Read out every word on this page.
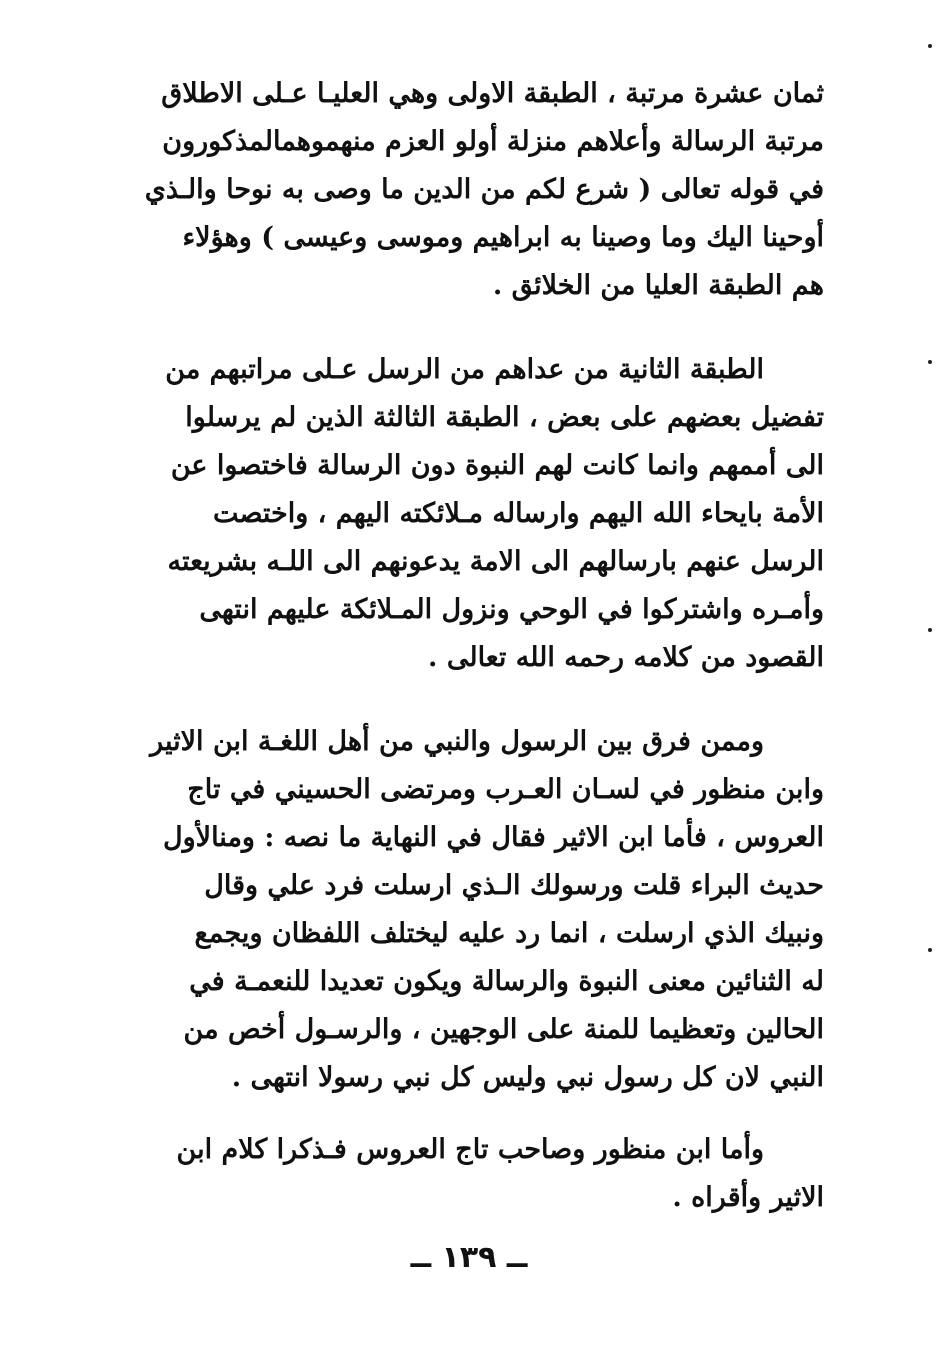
ثمان عشرة مرتبة ، الطبقة الاولى وهي العليـا عـلى الاطلاق
مرتبة الرسالة وأعلاهم منزلة أولو العزم منهموهمالمذكورون
في قوله تعالى ( شرع لكم من الدين ما وصى به نوحا والـذي
أوحينا اليك وما وصينا به ابراهيم وموسى وعيسى ) وهؤلاء
هم الطبقة العليا من الخلائق .
الطبقة الثانية من عداهم من الرسل عـلى مراتبهم من
تفضيل بعضهم على بعض ، الطبقة الثالثة الذين لم يرسلوا
الى أممهم وانما كانت لهم النبوة دون الرسالة فاختصوا عن
الأمة بايحاء الله اليهم وارساله مـلائكته اليهم ، واختصت
الرسل عنهم بارسالهم الى الامة يدعونهم الى اللـه بشريعته
وأمـره واشتركوا في الوحي ونزول المـلائكة عليهم انتهى
القصود من كلامه رحمه الله تعالى .
وممن فرق بين الرسول والنبي من أهل اللغـة ابن الاثير
وابن منظور في لسـان العـرب ومرتضى الحسيني في تاج
العروس ، فأما ابن الاثير فقال في النهاية ما نصه : ومنالأول
حديث البراء قلت ورسولك الـذي ارسلت فرد علي وقال
ونبيك الذي ارسلت ، انما رد عليه ليختلف اللفظان ويجمع
له الثنائين معنى النبوة والرسالة ويكون تعديدا للنعمـة في
الحالين وتعظيما للمنة على الوجهين ، والرسـول أخص من
النبي لان كل رسول نبي وليس كل نبي رسولا انتهى .
وأما ابن منظور وصاحب تاج العروس فـذكرا كلام ابن
الاثير وأقراه .
ــ ١٣٩ ــ
